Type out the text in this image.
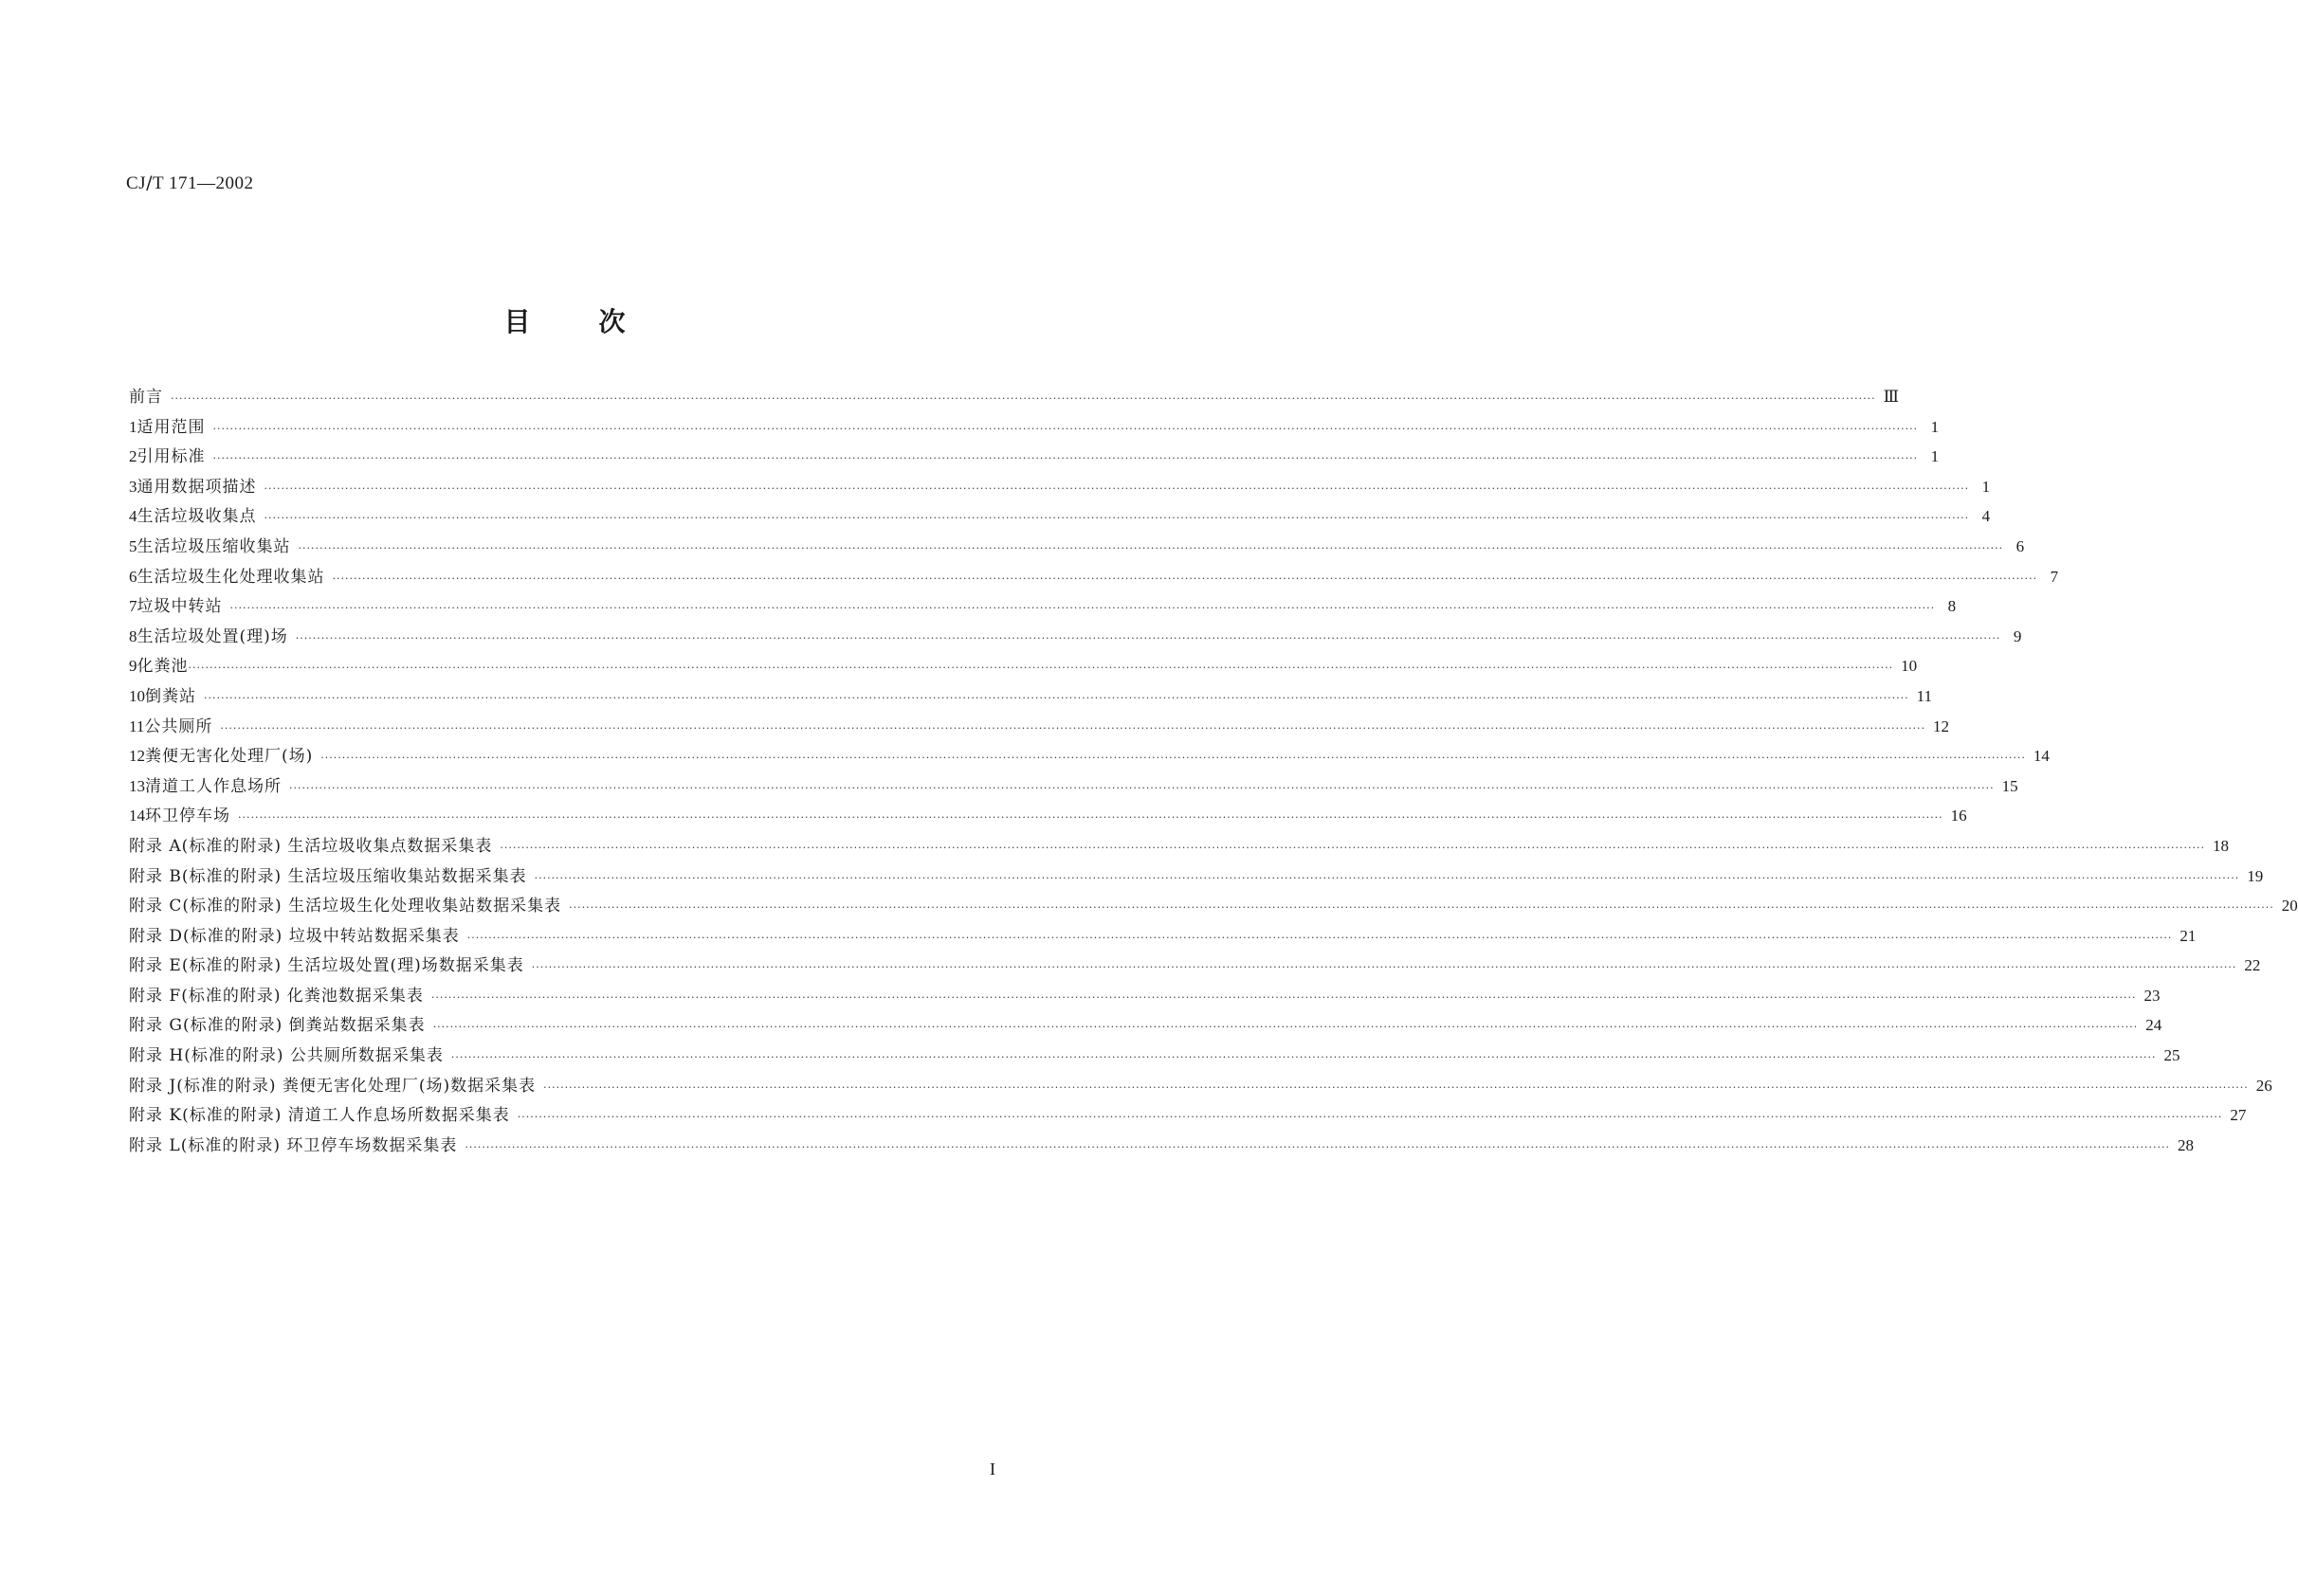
CJ/T 171—2002
目次
前言 ················································································································································································································································································································································································································ Ⅲ
1 适用范围 ················································································································································································································································································································································································································ 1
2 引用标准 ················································································································································································································································································································································································································ 1
3 通用数据项描述 ················································································································································································································································································································································································································ 1
4 生活垃圾收集点 ················································································································································································································································································································································································································ 4
5 生活垃圾压缩收集站 ················································································································································································································································································································································································································ 6
6 生活垃圾生化处理收集站 ················································································································································································································································································································································································································ 7
7 垃圾中转站 ················································································································································································································································································································································································································ 8
8 生活垃圾处置(理)场 ················································································································································································································································································································································································································ 9
9 化粪池 ················································································································································································································································································································································································································ 10
10 倒粪站 ················································································································································································································································································································································································································ 11
11 公共厕所 ················································································································································································································································································································································································································ 12
12 粪便无害化处理厂(场) ················································································································································································································································································································································································································ 14
13 清道工人作息场所 ················································································································································································································································································································································································································ 15
14 环卫停车场 ················································································································································································································································································································································································································ 16
附录 A(标准的附录) 生活垃圾收集点数据采集表 ················································································································································································································································································································································································································ 18
附录 B(标准的附录) 生活垃圾压缩收集站数据采集表 ················································································································································································································································································································································································································ 19
附录 C(标准的附录) 生活垃圾生化处理收集站数据采集表 ················································································································································································································································································································································································································ 20
附录 D(标准的附录) 垃圾中转站数据采集表 ················································································································································································································································································································································································································ 21
附录 E(标准的附录) 生活垃圾处置(理)场数据采集表 ················································································································································································································································································································································································································ 22
附录 F(标准的附录) 化粪池数据采集表 ················································································································································································································································································································································································································ 23
附录 G(标准的附录) 倒粪站数据采集表 ················································································································································································································································································································································································································ 24
附录 H(标准的附录) 公共厕所数据采集表 ················································································································································································································································································································································································································ 25
附录 J(标准的附录) 粪便无害化处理厂(场)数据采集表 ················································································································································································································································································································································································································ 26
附录 K(标准的附录) 清道工人作息场所数据采集表 ················································································································································································································································································································································································································ 27
附录 L(标准的附录) 环卫停车场数据采集表 ················································································································································································································································································································································································································ 28
I
